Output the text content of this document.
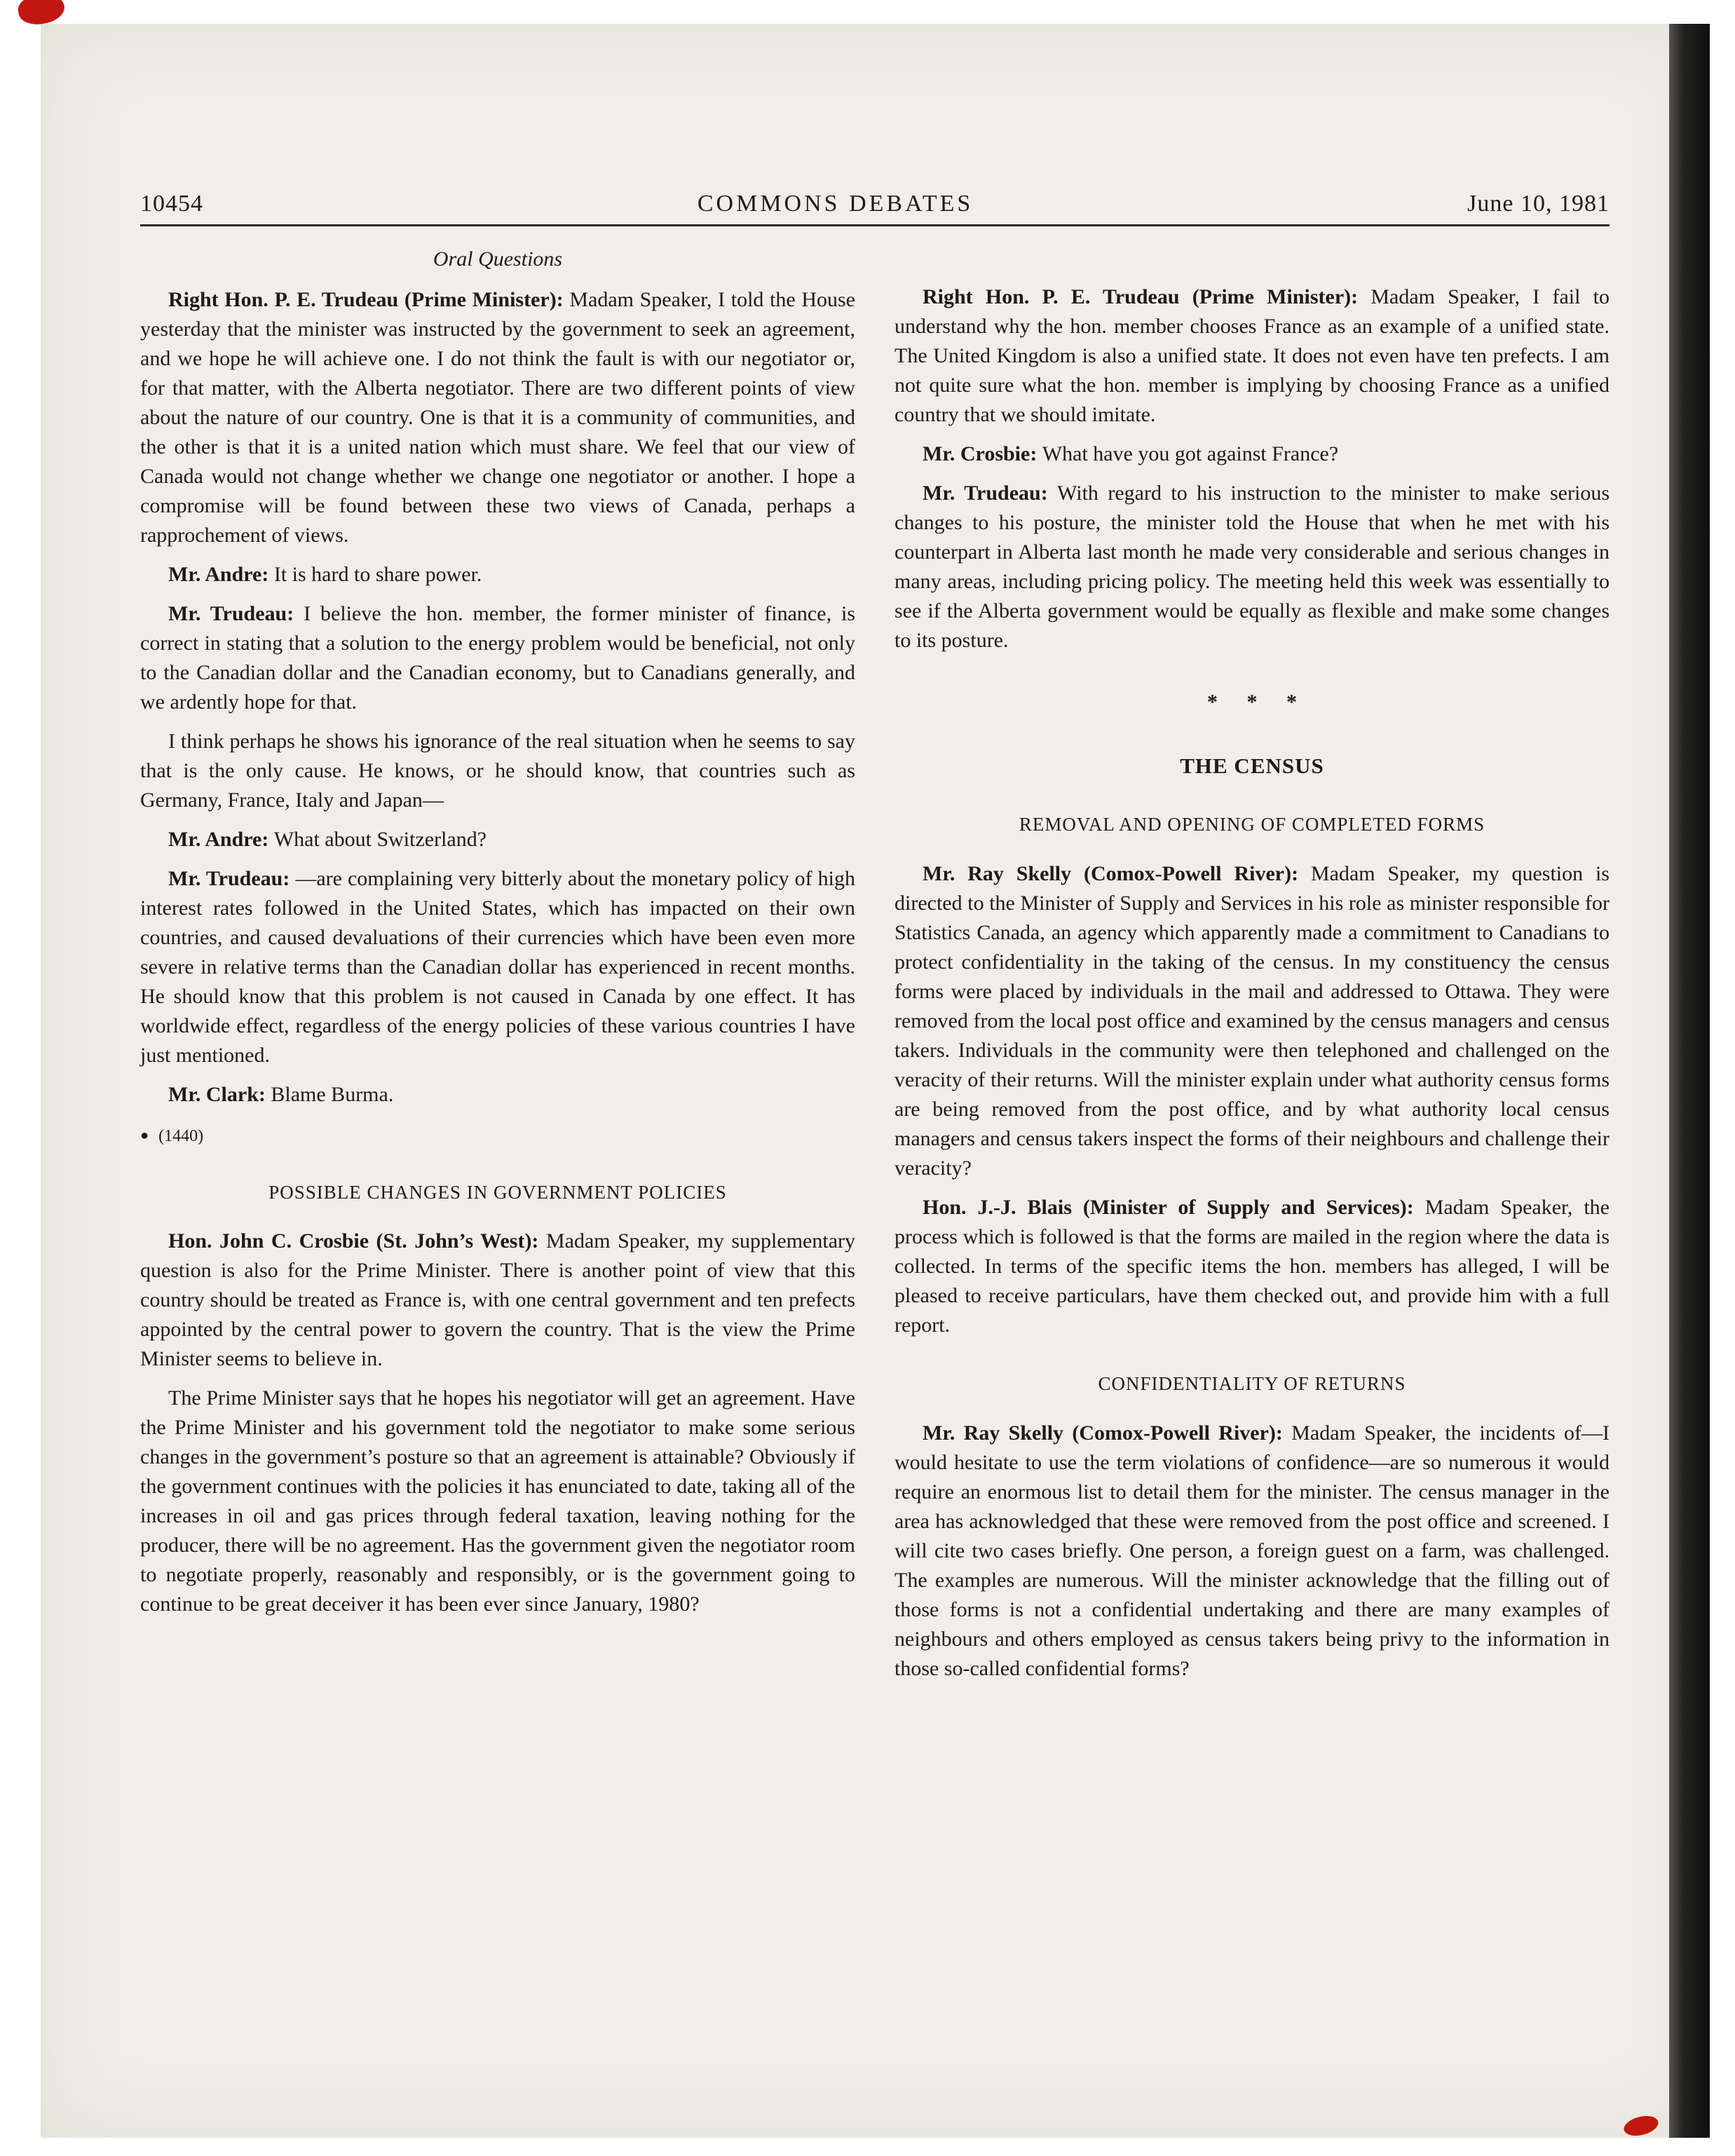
10454	COMMONS DEBATES	June 10, 1981

Oral Questions

Right Hon. P. E. Trudeau (Prime Minister): Madam Speaker, I told the House yesterday that the minister was instructed by the government to seek an agreement, and we hope he will achieve one. I do not think the fault is with our negotiator or, for that matter, with the Alberta negotiator. There are two different points of view about the nature of our country. One is that it is a community of communities, and the other is that it is a united nation which must share. We feel that our view of Canada would not change whether we change one negotiator or another. I hope a compromise will be found between these two views of Canada, perhaps a rapprochement of views.

Mr. Andre: It is hard to share power.

Mr. Trudeau: I believe the hon. member, the former minister of finance, is correct in stating that a solution to the energy problem would be beneficial, not only to the Canadian dollar and the Canadian economy, but to Canadians generally, and we ardently hope for that.

I think perhaps he shows his ignorance of the real situation when he seems to say that is the only cause. He knows, or he should know, that countries such as Germany, France, Italy and Japan—

Mr. Andre: What about Switzerland?

Mr. Trudeau: —are complaining very bitterly about the monetary policy of high interest rates followed in the United States, which has impacted on their own countries, and caused devaluations of their currencies which have been even more severe in relative terms than the Canadian dollar has experienced in recent months. He should know that this problem is not caused in Canada by one effect. It has worldwide effect, regardless of the energy policies of these various countries I have just mentioned.

Mr. Clark: Blame Burma.

● (1440)

POSSIBLE CHANGES IN GOVERNMENT POLICIES

Hon. John C. Crosbie (St. John’s West): Madam Speaker, my supplementary question is also for the Prime Minister. There is another point of view that this country should be treated as France is, with one central government and ten prefects appointed by the central power to govern the country. That is the view the Prime Minister seems to believe in.

The Prime Minister says that he hopes his negotiator will get an agreement. Have the Prime Minister and his government told the negotiator to make some serious changes in the government’s posture so that an agreement is attainable? Obviously if the government continues with the policies it has enunciated to date, taking all of the increases in oil and gas prices through federal taxation, leaving nothing for the producer, there will be no agreement. Has the government given the negotiator room to negotiate properly, reasonably and responsibly, or is the government going to continue to be great deceiver it has been ever since January, 1980?

Right Hon. P. E. Trudeau (Prime Minister): Madam Speaker, I fail to understand why the hon. member chooses France as an example of a unified state. The United Kingdom is also a unified state. It does not even have ten prefects. I am not quite sure what the hon. member is implying by choosing France as a unified country that we should imitate.

Mr. Crosbie: What have you got against France?

Mr. Trudeau: With regard to his instruction to the minister to make serious changes to his posture, the minister told the House that when he met with his counterpart in Alberta last month he made very considerable and serious changes in many areas, including pricing policy. The meeting held this week was essentially to see if the Alberta government would be equally as flexible and make some changes to its posture.

* * *

THE CENSUS

REMOVAL AND OPENING OF COMPLETED FORMS

Mr. Ray Skelly (Comox-Powell River): Madam Speaker, my question is directed to the Minister of Supply and Services in his role as minister responsible for Statistics Canada, an agency which apparently made a commitment to Canadians to protect confidentiality in the taking of the census. In my constituency the census forms were placed by individuals in the mail and addressed to Ottawa. They were removed from the local post office and examined by the census managers and census takers. Individuals in the community were then telephoned and challenged on the veracity of their returns. Will the minister explain under what authority census forms are being removed from the post office, and by what authority local census managers and census takers inspect the forms of their neighbours and challenge their veracity?

Hon. J.-J. Blais (Minister of Supply and Services): Madam Speaker, the process which is followed is that the forms are mailed in the region where the data is collected. In terms of the specific items the hon. members has alleged, I will be pleased to receive particulars, have them checked out, and provide him with a full report.

CONFIDENTIALITY OF RETURNS

Mr. Ray Skelly (Comox-Powell River): Madam Speaker, the incidents of—I would hesitate to use the term violations of confidence—are so numerous it would require an enormous list to detail them for the minister. The census manager in the area has acknowledged that these were removed from the post office and screened. I will cite two cases briefly. One person, a foreign guest on a farm, was challenged. The examples are numerous. Will the minister acknowledge that the filling out of those forms is not a confidential undertaking and there are many examples of neighbours and others employed as census takers being privy to the information in those so-called confidential forms?
